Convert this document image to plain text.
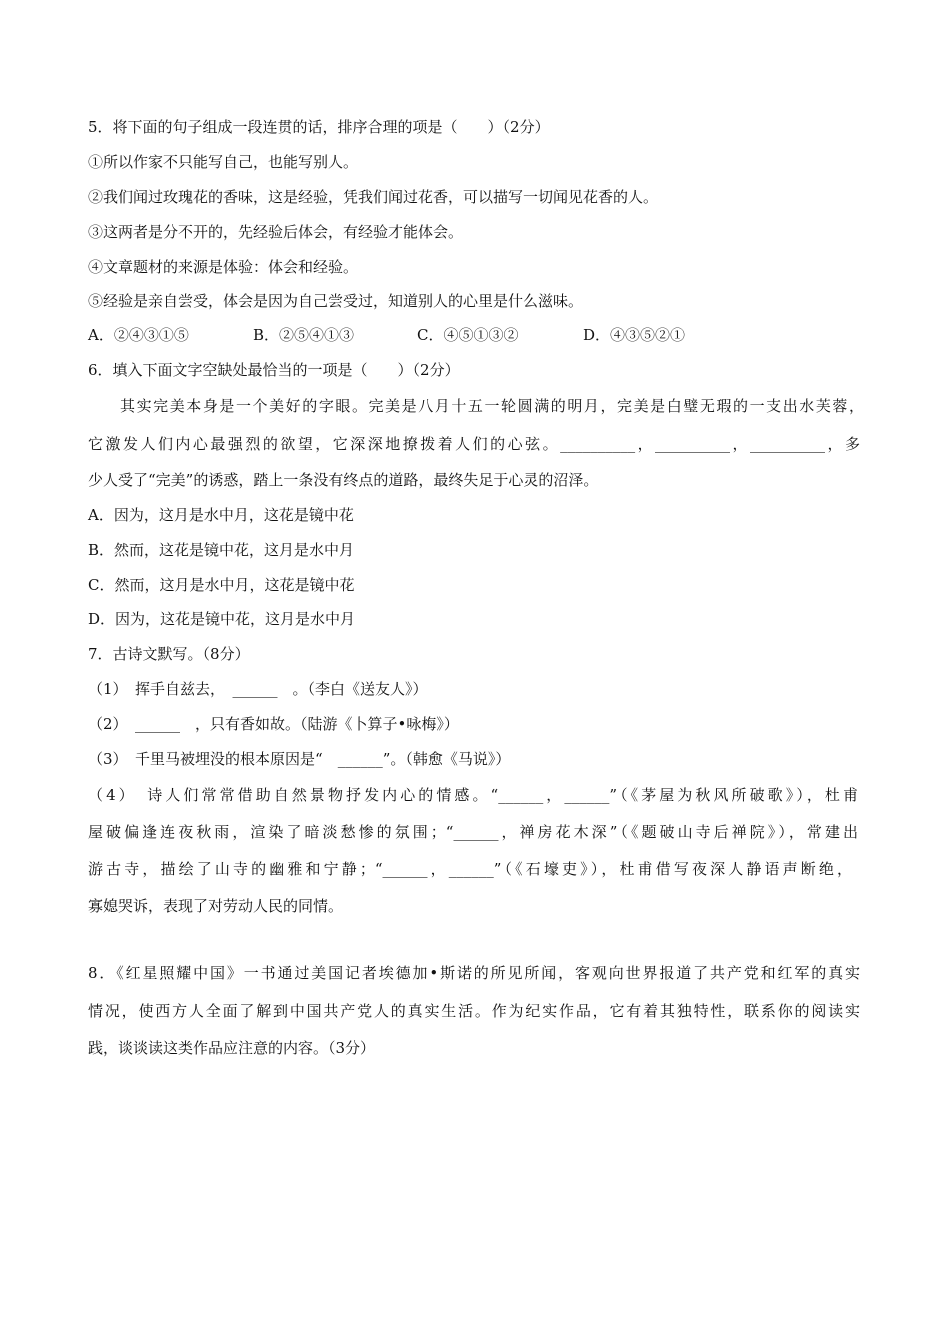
5．将下面的句子组成一段连贯的话，排序合理的项是（　　）（2分）
①所以作家不只能写自己，也能写别人。
②我们闻过玫瑰花的香味，这是经验，凭我们闻过花香，可以描写一切闻见花香的人。
③这两者是分不开的，先经验后体会，有经验才能体会。
④文章题材的来源是体验：体会和经验。
⑤经验是亲自尝受，体会是因为自己尝受过，知道别人的心里是什么滋味。
A．②④③①⑤	B．②⑤④①③	C．④⑤①③②	D．④③⑤②①
6．填入下面文字空缺处最恰当的一项是（　　）（2分）
其实完美本身是一个美好的字眼。完美是八月十五一轮圆满的明月，完美是白璧无瑕的一支出水芙蓉，
它激发人们内心最强烈的欲望，它深深地撩拨着人们的心弦。__________，__________，__________，多
少人受了“完美”的诱惑，踏上一条没有终点的道路，最终失足于心灵的沼泽。
A．因为，这月是水中月，这花是镜中花
B．然而，这花是镜中花，这月是水中月
C．然而，这月是水中月，这花是镜中花
D．因为，这花是镜中花，这月是水中月
7．古诗文默写。（8分）
（1）　挥手自兹去，　______　。（李白《送友人》）
（2）　______　，只有香如故。（陆游《卜算子•咏梅》）
（3）　千里马被埋没的根本原因是“　______”。（韩愈《马说》）
（4）　诗人们常常借助自然景物抒发内心的情感。“______，______”（《茅屋为秋风所破歌》），杜甫
屋破偏逢连夜秋雨，渲染了暗淡愁惨的氛围；“______，禅房花木深”（《题破山寺后禅院》），常建出
游古寺，描绘了山寺的幽雅和宁静；“______，______”（《石壕吏》），杜甫借写夜深人静语声断绝，
寡媳哭诉，表现了对劳动人民的同情。
8．《红星照耀中国》一书通过美国记者埃德加•斯诺的所见所闻，客观向世界报道了共产党和红军的真实
情况，使西方人全面了解到中国共产党人的真实生活。作为纪实作品，它有着其独特性，联系你的阅读实
践，谈谈读这类作品应注意的内容。（3分）
